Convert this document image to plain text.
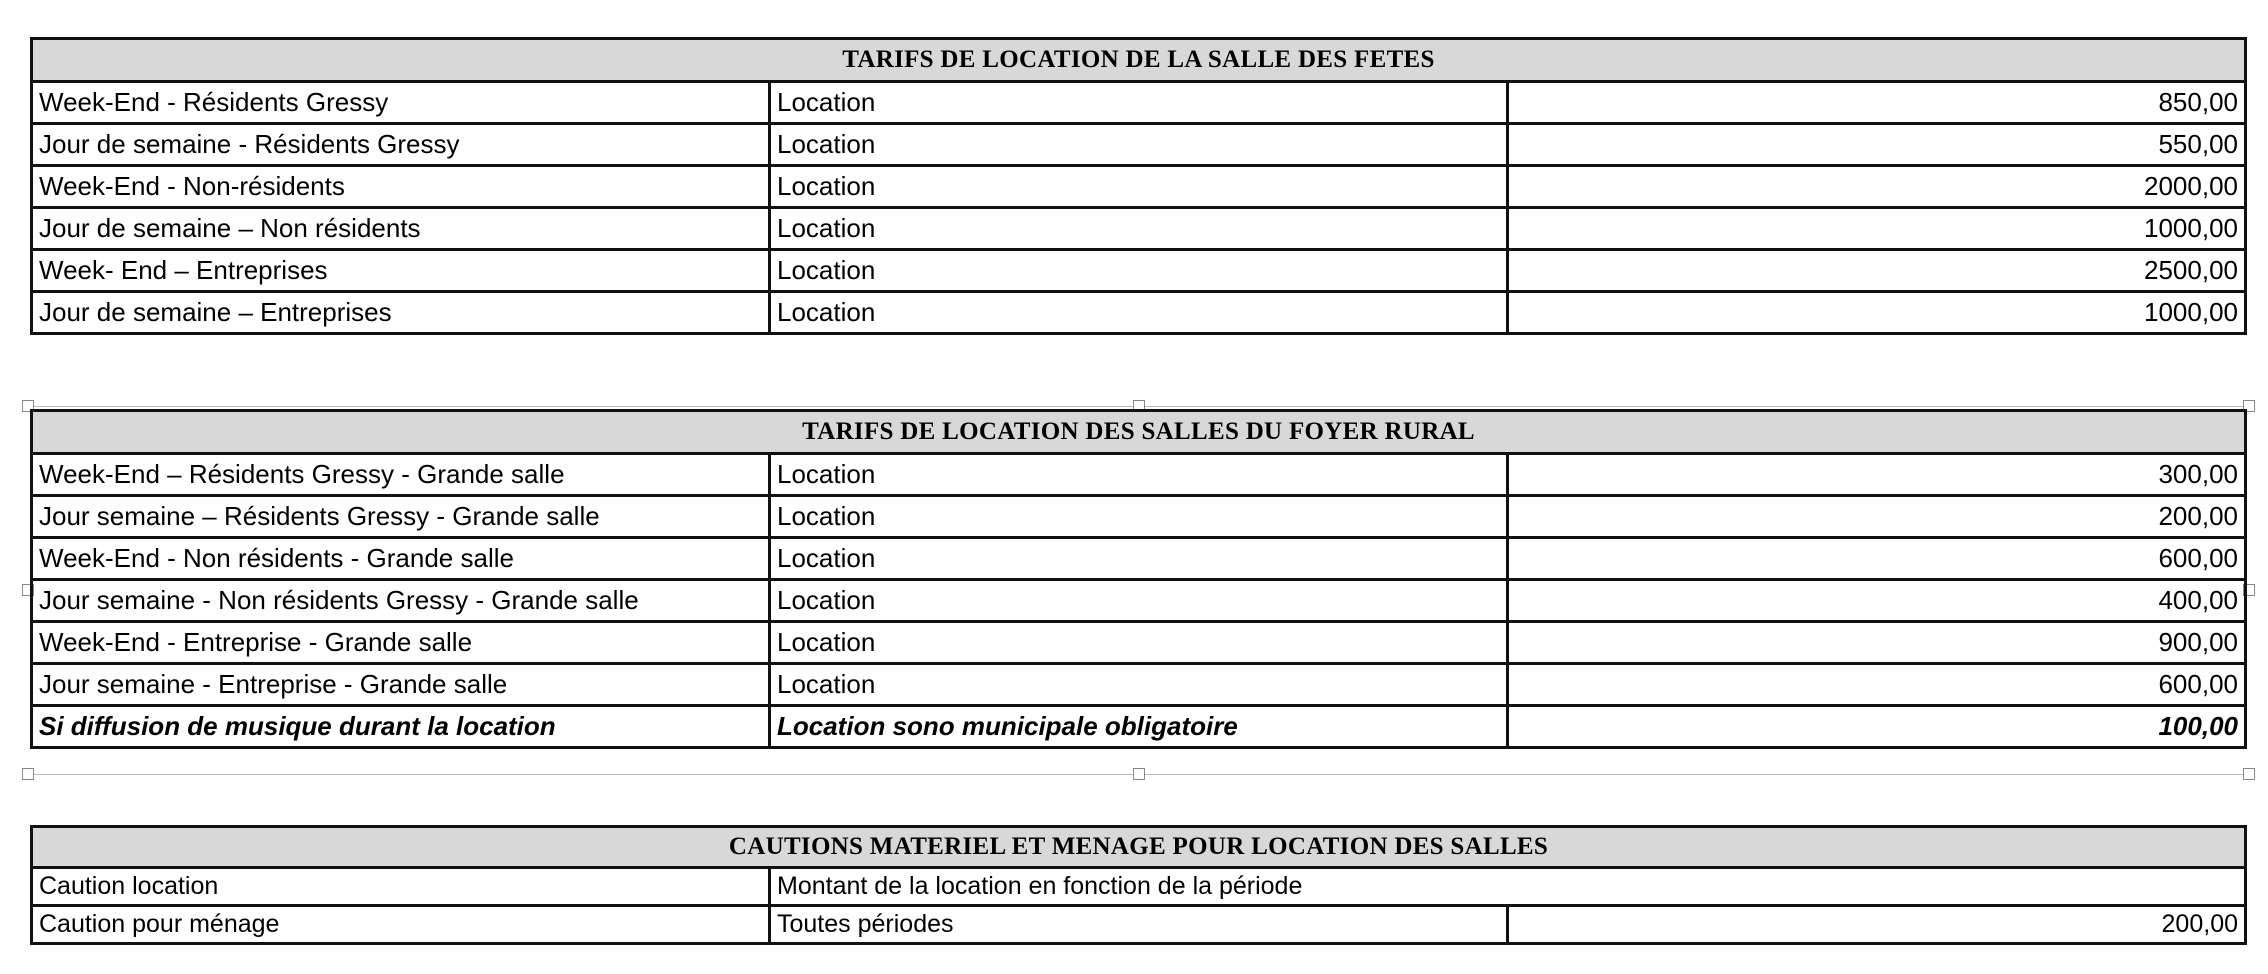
TARIFS DE LOCATION DE LA SALLE DES FETES		
Week-End - Résidents Gressy	Location	850,00
Jour de semaine - Résidents Gressy	Location	550,00
Week-End - Non-résidents	Location	2000,00
Jour de semaine – Non résidents	Location	1000,00
Week- End – Entreprises	Location	2500,00
Jour de semaine – Entreprises	Location	1000,00
TARIFS DE LOCATION DES SALLES DU FOYER RURAL		
Week-End – Résidents Gressy - Grande salle	Location	300,00
Jour semaine – Résidents Gressy - Grande salle	Location	200,00
Week-End - Non résidents - Grande salle	Location	600,00
Jour semaine - Non résidents Gressy - Grande salle	Location	400,00
Week-End - Entreprise - Grande salle	Location	900,00
Jour semaine - Entreprise - Grande salle	Location	600,00
Si diffusion de musique durant la location	Location sono municipale obligatoire	100,00
CAUTIONS MATERIEL ET MENAGE POUR LOCATION DES SALLES		
Caution location	Montant de la location en fonction de la période	
Caution pour ménage	Toutes périodes	200,00
